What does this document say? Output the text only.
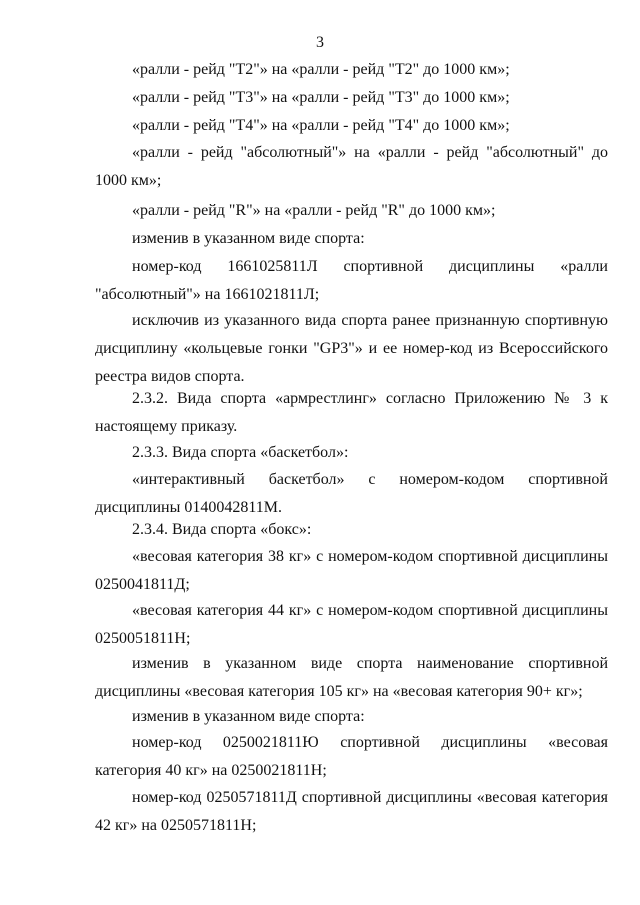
3

«ралли - рейд "Т2"» на «ралли - рейд "Т2" до 1000 км»;

«ралли - рейд "Т3"» на «ралли - рейд "Т3" до 1000 км»;

«ралли - рейд "Т4"» на «ралли - рейд "Т4" до 1000 км»;

«ралли - рейд "абсолютный"» на «ралли - рейд "абсолютный" до 1000 км»;

«ралли - рейд "R"» на «ралли - рейд "R" до 1000 км»;

изменив в указанном виде спорта:

номер-код 1661025811Л спортивной дисциплины «ралли "абсолютный"» на 1661021811Л;

исключив из указанного вида спорта ранее признанную спортивную дисциплину «кольцевые гонки "GP3"» и ее номер-код из Всероссийского реестра видов спорта.

2.3.2. Вида спорта «армрестлинг» согласно Приложению № 3 к настоящему приказу.

2.3.3. Вида спорта «баскетбол»:

«интерактивный баскетбол» с номером-кодом спортивной дисциплины 0140042811М.

2.3.4. Вида спорта «бокс»:

«весовая категория 38 кг» с номером-кодом спортивной дисциплины 0250041811Д;

«весовая категория 44 кг» с номером-кодом спортивной дисциплины 0250051811Н;

изменив в указанном виде спорта наименование спортивной дисциплины «весовая категория 105 кг» на «весовая категория 90+ кг»;

изменив в указанном виде спорта:

номер-код 0250021811Ю спортивной дисциплины «весовая категория 40 кг» на 0250021811Н;

номер-код 0250571811Д спортивной дисциплины «весовая категория 42 кг» на 0250571811Н;
